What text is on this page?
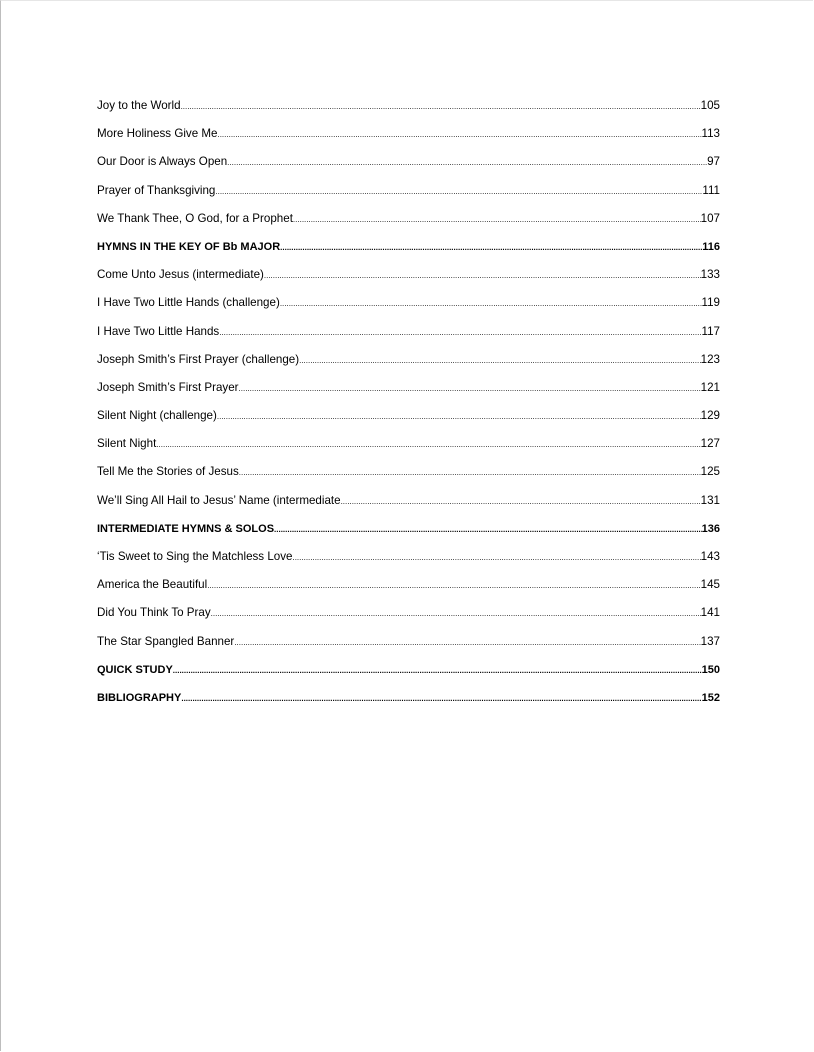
Joy to the World .....	105
More Holiness Give Me .....	113
Our Door is Always Open .....	97
Prayer of Thanksgiving .....	111
We Thank Thee, O God, for a Prophet .....	107
HYMNS IN THE KEY OF Bb MAJOR .....	116
Come Unto Jesus (intermediate) .....	133
I Have Two Little Hands (challenge) .....	119
I Have Two Little Hands .....	117
Joseph Smith’s First Prayer (challenge) .....	123
Joseph Smith’s First Prayer .....	121
Silent Night (challenge) .....	129
Silent Night .....	127
Tell Me the Stories of Jesus .....	125
We’ll Sing All Hail to Jesus’ Name (intermediate .....	131
INTERMEDIATE HYMNS & SOLOS .....	136
‘Tis Sweet to Sing the Matchless Love .....	143
America the Beautiful .....	145
Did You Think To Pray .....	141
The Star Spangled Banner .....	137
QUICK STUDY .....	150
BIBLIOGRAPHY .....	152
